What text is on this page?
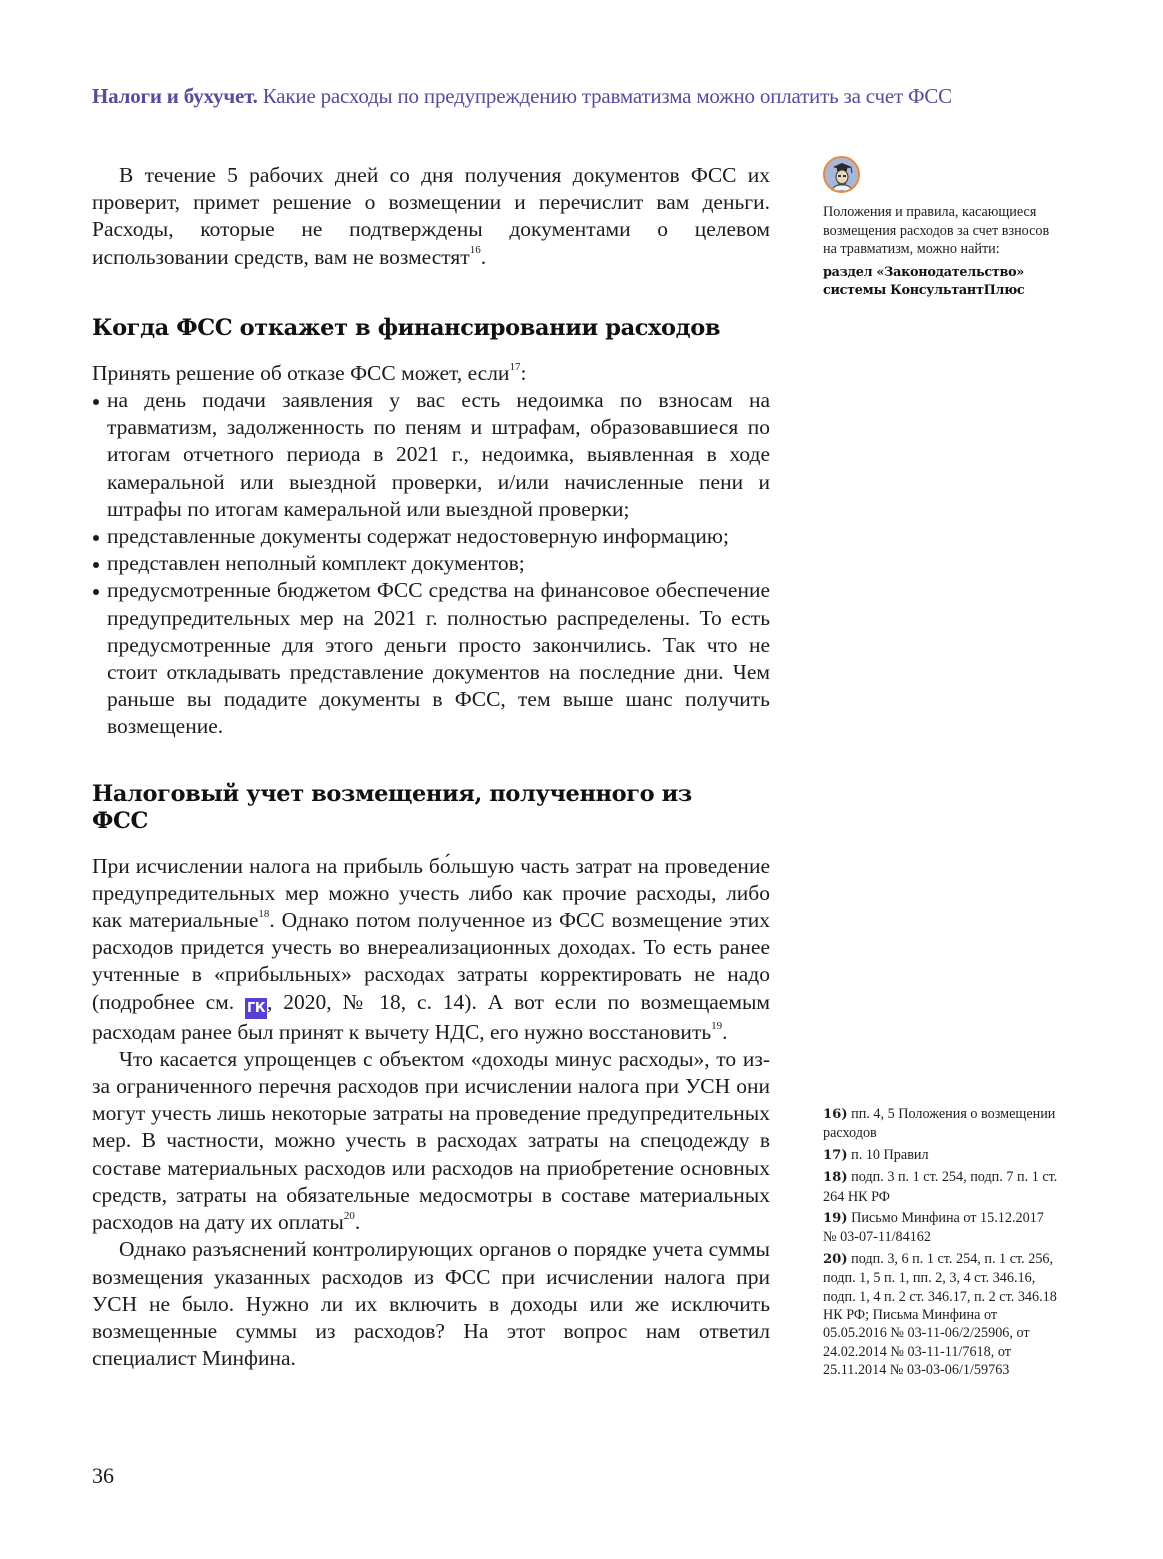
Налоги и бухучет. Какие расходы по предупреждению травматизма можно оплатить за счет ФСС

В течение 5 рабочих дней со дня получения документов ФСС их проверит, примет решение о возмещении и перечислит вам деньги. Расходы, которые не подтверждены документами о целевом использовании средств, вам не возместят$^{16}$.

Когда ФСС откажет в финансировании расходов

Принять решение об отказе ФСС может, если$^{17}$:

на день подачи заявления у вас есть недоимка по взносам на травматизм, задолженность по пеням и штрафам, образовавшиеся по итогам отчетного периода в 2021 г., недоимка, выявленная в ходе камеральной или выездной проверки, и/или начисленные пени и штрафы по итогам камеральной или выездной проверки;
представленные документы содержат недостоверную информацию;
представлен неполный комплект документов;
предусмотренные бюджетом ФСС средства на финансовое обеспечение предупредительных мер на 2021 г. полностью распределены. То есть предусмотренные для этого деньги просто закончились. Так что не стоит откладывать представление документов на последние дни. Чем раньше вы подадите документы в ФСС, тем выше шанс получить возмещение.
Налоговый учет возмещения, полученного из ФСС

При исчислении налога на прибыль бо́льшую часть затрат на проведение предупредительных мер можно учесть либо как прочие расходы, либо как материальные$^{18}$. Однако потом полученное из ФСС возмещение этих расходов придется учесть во внереализационных доходах. То есть ранее учтенные в «прибыльных» расходах затраты корректировать не надо (подробнее см. ГК, 2020, № 18, с. 14). А вот если по возмещаемым расходам ранее был принят к вычету НДС, его нужно восстановить$^{19}$.

Что касается упрощенцев с объектом «доходы минус расходы», то из-за ограниченного перечня расходов при исчислении налога при УСН они могут учесть лишь некоторые затраты на проведение предупредительных мер. В частности, можно учесть в расходах затраты на спецодежду в составе материальных расходов или расходов на приобретение основных средств, затраты на обязательные медосмотры в составе материальных расходов на дату их оплаты$^{20}$.

Однако разъяснений контролирующих органов о порядке учета суммы возмещения указанных расходов из ФСС при исчислении налога при УСН не было. Нужно ли их включить в доходы или же исключить возмещенные суммы из расходов? На этот вопрос нам ответил специалист Минфина.

Положения и правила, касающиеся возмещения расходов за счет взносов на травматизм, можно найти:
раздел «Законодательство» системы КонсультантПлюс
16) пп. 4, 5 Положения о возмещении расходов
17) п. 10 Правил
18) подп. 3 п. 1 ст. 254, подп. 7 п. 1 ст. 264 НК РФ
19) Письмо Минфина от 15.12.2017 № 03-07-11/84162
20) подп. 3, 6 п. 1 ст. 254, п. 1 ст. 256, подп. 1, 5 п. 1, пп. 2, 3, 4 ст. 346.16, подп. 1, 4 п. 2 ст. 346.17, п. 2 ст. 346.18 НК РФ; Письма Минфина от 05.05.2016 № 03-11-06/2/25906, от 24.02.2014 № 03-11-11/7618, от 25.11.2014 № 03-03-06/1/59763
36
